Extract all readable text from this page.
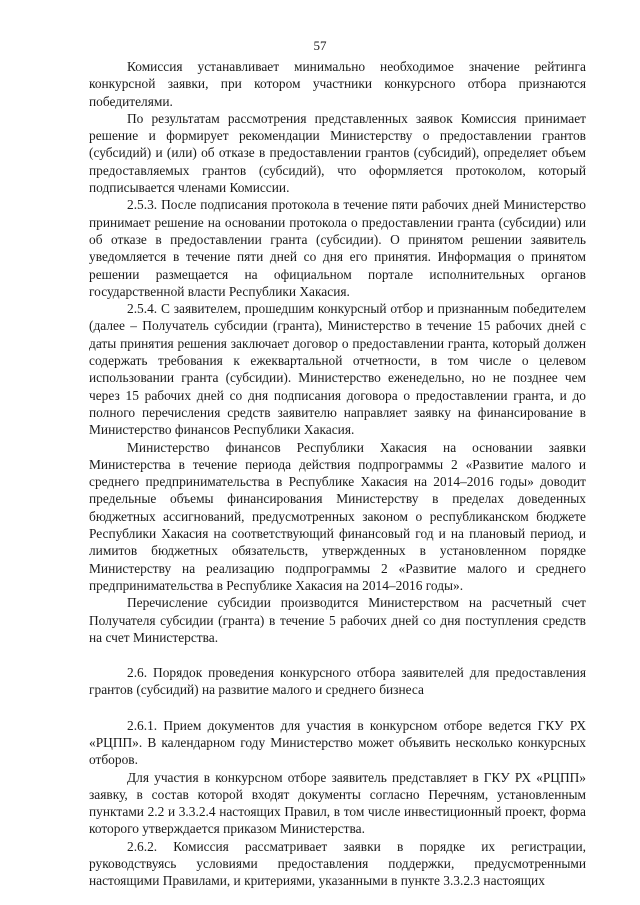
57

Комиссия устанавливает минимально необходимое значение рейтинга конкурсной заявки, при котором участники конкурсного отбора признаются победителями.

По результатам рассмотрения представленных заявок Комиссия принимает решение и формирует рекомендации Министерству о предоставлении грантов (субсидий) и (или) об отказе в предоставлении грантов (субсидий), определяет объем предоставляемых грантов (субсидий), что оформляется протоколом, который подписывается членами Комиссии.

2.5.3. После подписания протокола в течение пяти рабочих дней Министерство принимает решение на основании протокола о предоставлении гранта (субсидии) или об отказе в предоставлении гранта (субсидии). О принятом решении заявитель уведомляется в течение пяти дней со дня его принятия. Информация о принятом решении размещается на официальном портале исполнительных органов государственной власти Республики Хакасия.

2.5.4. С заявителем, прошедшим конкурсный отбор и признанным победителем (далее – Получатель субсидии (гранта), Министерство в течение 15 рабочих дней с даты принятия решения заключает договор о предоставлении гранта, который должен содержать требования к ежеквартальной отчетности, в том числе о целевом использовании гранта (субсидии). Министерство еженедельно, но не позднее чем через 15 рабочих дней со дня подписания договора о предоставлении гранта, и до полного перечисления средств заявителю направляет заявку на финансирование в Министерство финансов Республики Хакасия.

Министерство финансов Республики Хакасия на основании заявки Министерства в течение периода действия подпрограммы 2 «Развитие малого и среднего предпринимательства в Республике Хакасия на 2014–2016 годы» доводит предельные объемы финансирования Министерству в пределах доведенных бюджетных ассигнований, предусмотренных законом о республиканском бюджете Республики Хакасия на соответствующий финансовый год и на плановый период, и лимитов бюджетных обязательств, утвержденных в установленном порядке Министерству на реализацию подпрограммы 2 «Развитие малого и среднего предпринимательства в Республике Хакасия на 2014–2016 годы».

Перечисление субсидии производится Министерством на расчетный счет Получателя субсидии (гранта) в течение 5 рабочих дней со дня поступления средств на счет Министерства.

2.6. Порядок проведения конкурсного отбора заявителей для предоставления грантов (субсидий) на развитие малого и среднего бизнеса

2.6.1. Прием документов для участия в конкурсном отборе ведется ГКУ РХ «РЦПП». В календарном году Министерство может объявить несколько конкурсных отборов.

Для участия в конкурсном отборе заявитель представляет в ГКУ РХ «РЦПП» заявку, в состав которой входят документы согласно Перечням, установленным пунктами 2.2 и 3.3.2.4 настоящих Правил, в том числе инвестиционный проект, форма которого утверждается приказом Министерства.

2.6.2. Комиссия рассматривает заявки в порядке их регистрации, руководствуясь условиями предоставления поддержки, предусмотренными настоящими Правилами, и критериями, указанными в пункте 3.3.2.3 настоящих
